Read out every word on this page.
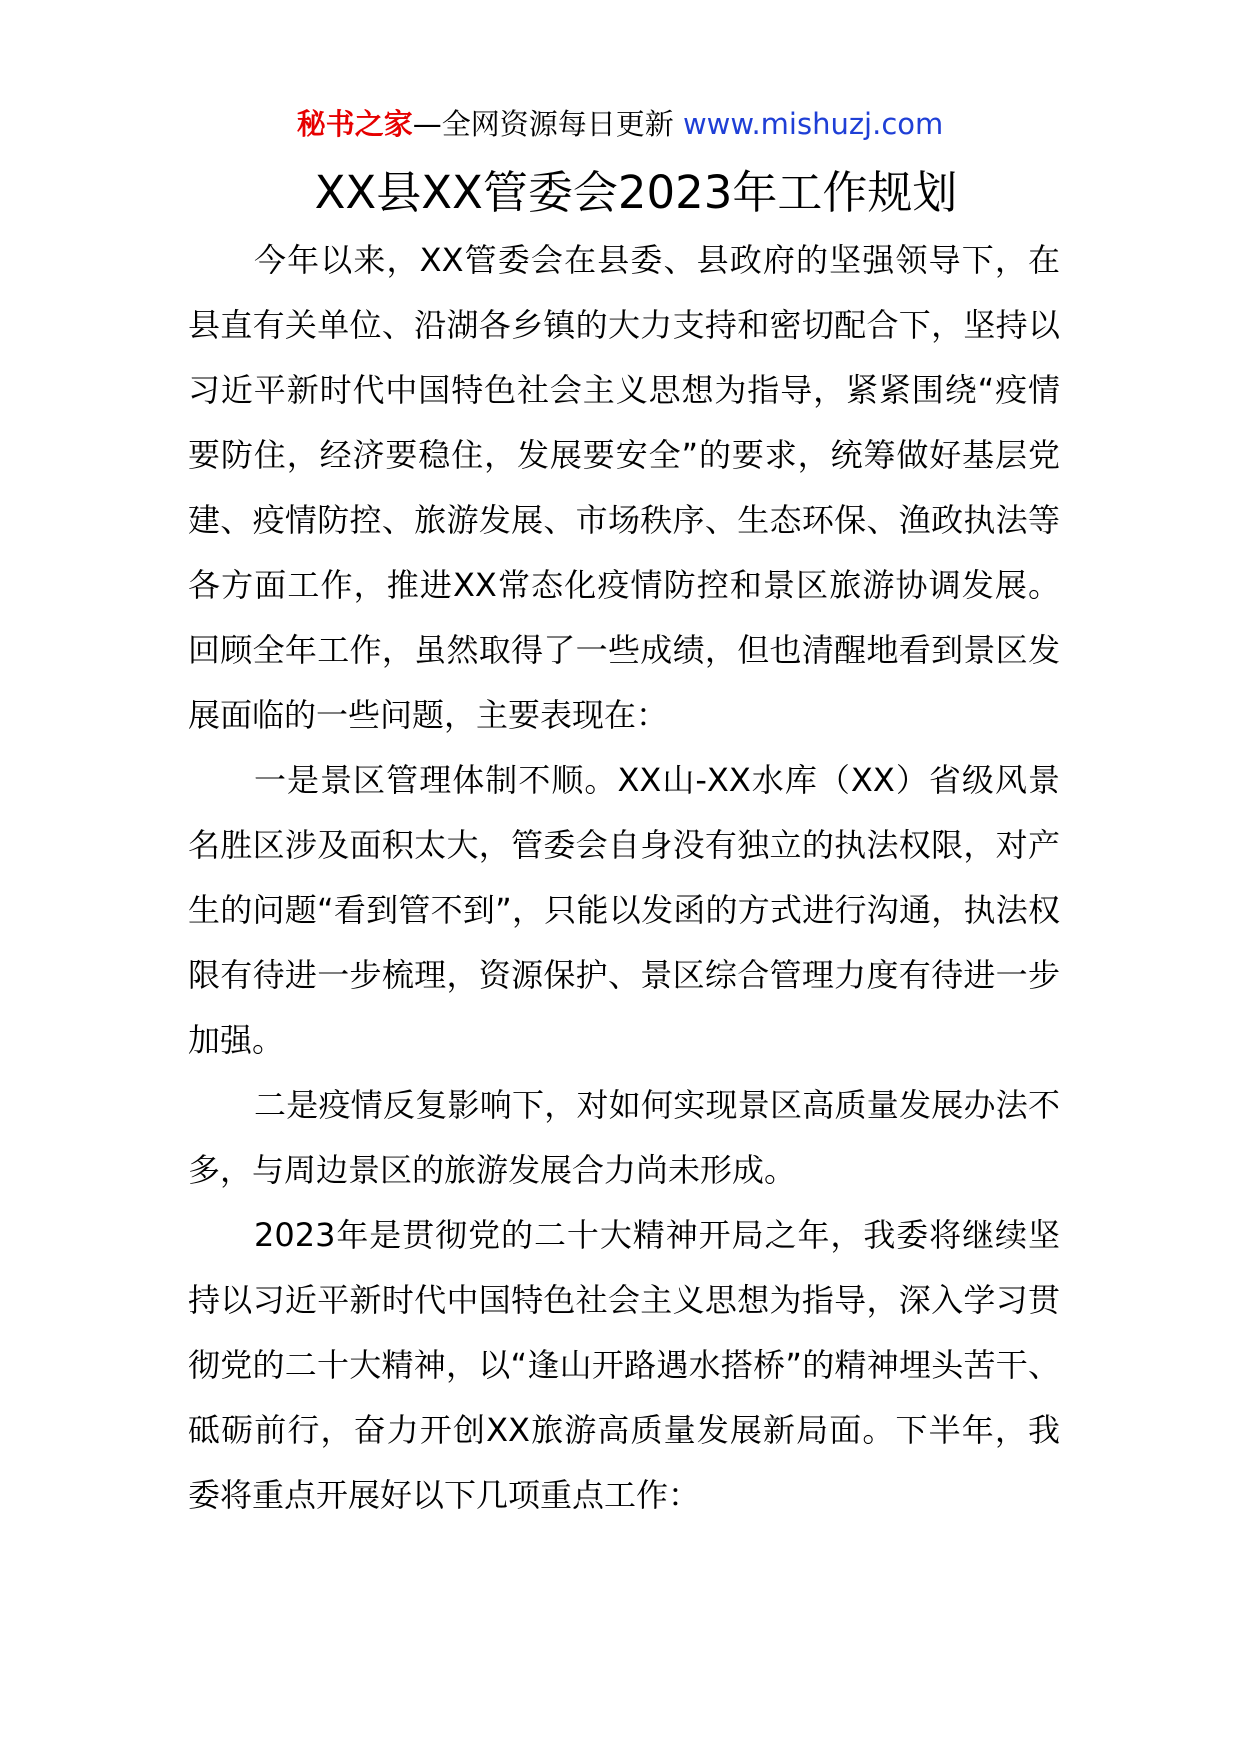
秘书之家—全网资源每日更新 www.mishuzj.com
XX县XX管委会2023年工作规划

今年以来，XX管委会在县委、县政府的坚强领导下，在县直有关单位、沿湖各乡镇的大力支持和密切配合下，坚持以习近平新时代中国特色社会主义思想为指导，紧紧围绕“疫情要防住，经济要稳住，发展要安全”的要求，统筹做好基层党建、疫情防控、旅游发展、市场秩序、生态环保、渔政执法等各方面工作，推进XX常态化疫情防控和景区旅游协调发展。回顾全年工作，虽然取得了一些成绩，但也清醒地看到景区发展面临的一些问题，主要表现在：

一是景区管理体制不顺。XX山-XX水库（XX）省级风景名胜区涉及面积太大，管委会自身没有独立的执法权限，对产生的问题“看到管不到”，只能以发函的方式进行沟通，执法权限有待进一步梳理，资源保护、景区综合管理力度有待进一步加强。

二是疫情反复影响下，对如何实现景区高质量发展办法不多，与周边景区的旅游发展合力尚未形成。

2023年是贯彻党的二十大精神开局之年，我委将继续坚持以习近平新时代中国特色社会主义思想为指导，深入学习贯彻党的二十大精神，以“逢山开路遇水搭桥”的精神埋头苦干、砥砺前行，奋力开创XX旅游高质量发展新局面。下半年，我委将重点开展好以下几项重点工作：
